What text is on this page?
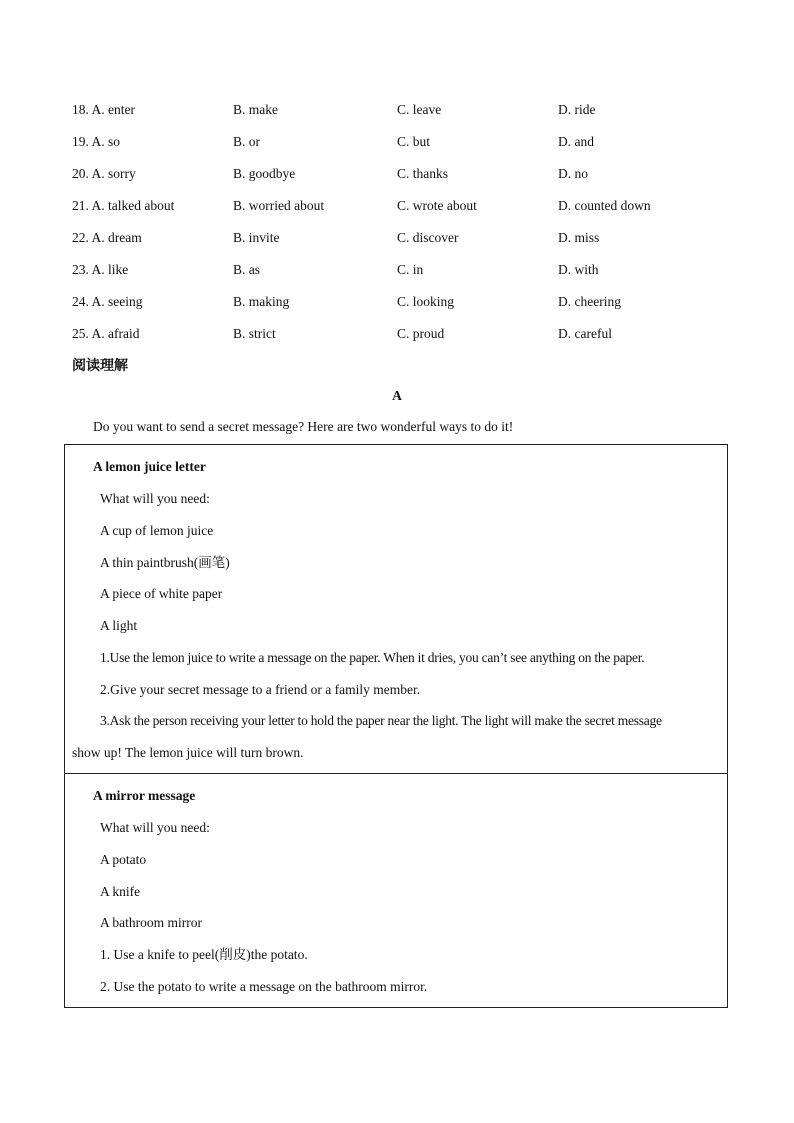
18. A. enter	B. make	C. leave	D. ride
19. A. so	B. or	C. but	D. and
20. A. sorry	B. goodbye	C. thanks	D. no
21. A. talked about	B. worried about	C. wrote about	D. counted down
22. A. dream	B. invite	C. discover	D. miss
23. A. like	B. as	C. in	D. with
24. A. seeing	B. making	C. looking	D. cheering
25. A. afraid	B. strict	C. proud	D. careful
阅读理解
A
Do you want to send a secret message? Here are two wonderful ways to do it!
A lemon juice letter
What will you need:
A cup of lemon juice
A thin paintbrush(画笔)
A piece of white paper
A light
1.Use the lemon juice to write a message on the paper. When it dries, you can’t see anything on the paper.
2.Give your secret message to a friend or a family member.
3.Ask the person receiving your letter to hold the paper near the light. The light will make the secret message
show up! The lemon juice will turn brown.
A mirror message
What will you need:
A potato
A knife
A bathroom mirror
1. Use a knife to peel(削皮)the potato.
2. Use the potato to write a message on the bathroom mirror.
